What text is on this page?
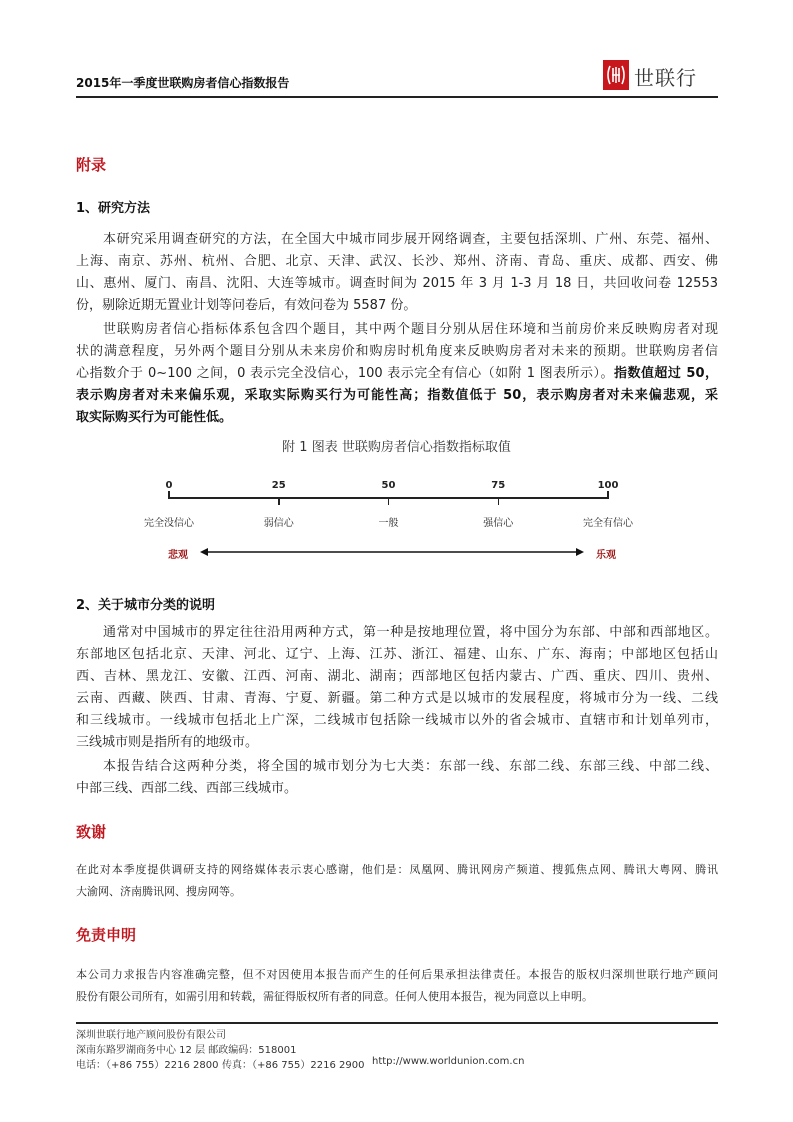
2015年一季度世联购房者信心指数报告	世联行
附录
1、研究方法
本研究采用调查研究的方法，在全国大中城市同步展开网络调查，主要包括深圳、广州、东莞、福州、
上海、南京、苏州、杭州、合肥、北京、天津、武汉、长沙、郑州、济南、青岛、重庆、成都、西安、佛
山、惠州、厦门、南昌、沈阳、大连等城市。调查时间为 2015 年 3 月 1-3 月 18 日，共回收问卷 12553
份，剔除近期无置业计划等问卷后，有效问卷为 5587 份。
世联购房者信心指标体系包含四个题目，其中两个题目分别从居住环境和当前房价来反映购房者对现
状的满意程度，另外两个题目分别从未来房价和购房时机角度来反映购房者对未来的预期。世联购房者信
心指数介于 0~100 之间，0 表示完全没信心，100 表示完全有信心（如附 1 图表所示）。指数值超过 50，
表示购房者对未来偏乐观，采取实际购买行为可能性高；指数值低于 50，表示购房者对未来偏悲观，采
取实际购买行为可能性低。
附 1 图表 世联购房者信心指数指标取值
0
完全没信心
25
弱信心
50
一般
75
强信心
100
完全有信心
悲观	乐观
2、关于城市分类的说明
通常对中国城市的界定往往沿用两种方式，第一种是按地理位置，将中国分为东部、中部和西部地区。
东部地区包括北京、天津、河北、辽宁、上海、江苏、浙江、福建、山东、广东、海南；中部地区包括山
西、吉林、黑龙江、安徽、江西、河南、湖北、湖南；西部地区包括内蒙古、广西、重庆、四川、贵州、
云南、西藏、陕西、甘肃、青海、宁夏、新疆。第二种方式是以城市的发展程度，将城市分为一线、二线
和三线城市。一线城市包括北上广深，二线城市包括除一线城市以外的省会城市、直辖市和计划单列市，
三线城市则是指所有的地级市。
本报告结合这两种分类，将全国的城市划分为七大类：东部一线、东部二线、东部三线、中部二线、
中部三线、西部二线、西部三线城市。
致谢
在此对本季度提供调研支持的网络媒体表示衷心感谢，他们是：凤凰网、腾讯网房产频道、搜狐焦点网、腾讯大粤网、腾讯
大渝网、济南腾讯网、搜房网等。
免责申明
本公司力求报告内容准确完整，但不对因使用本报告而产生的任何后果承担法律责任。本报告的版权归深圳世联行地产顾问
股份有限公司所有，如需引用和转载，需征得版权所有者的同意。任何人使用本报告，视为同意以上申明。
深圳世联行地产顾问股份有限公司
深南东路罗湖商务中心 12 层 邮政编码：518001
电话：（+86 755）2216 2800 传真：（+86 755）2216 2900 http://www.worldunion.com.cn
